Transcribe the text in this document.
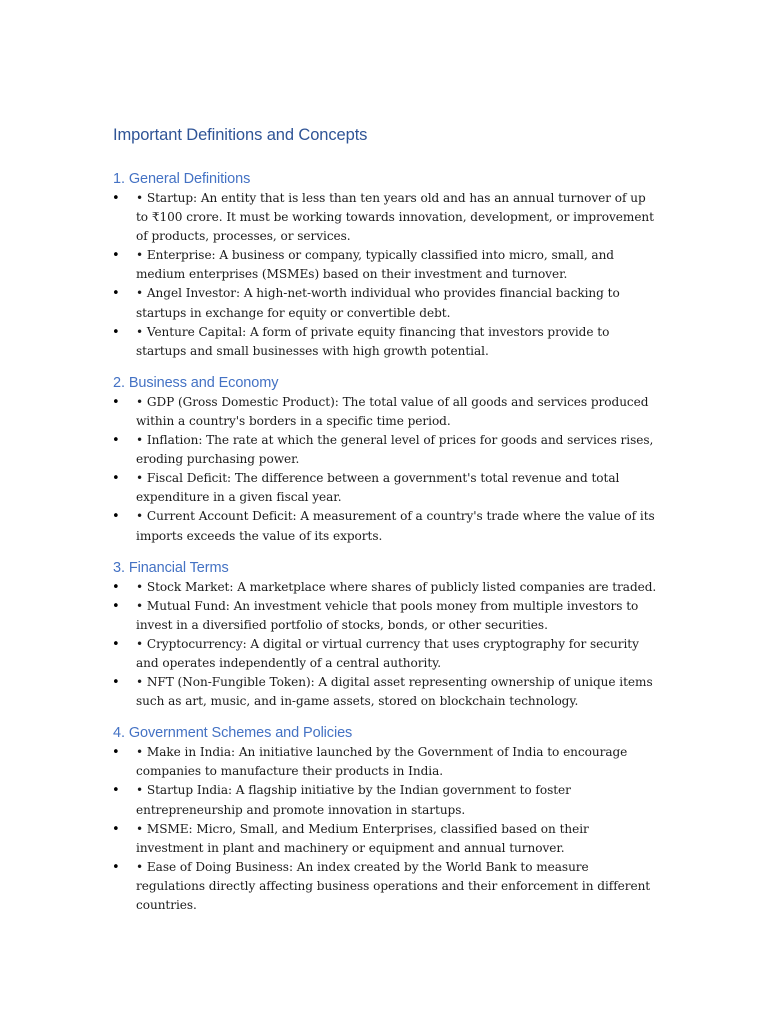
Important Definitions and Concepts
1. General Definitions
• • Startup: An entity that is less than ten years old and has an annual turnover of up to ₹100 crore. It must be working towards innovation, development, or improvement of products, processes, or services.
• • Enterprise: A business or company, typically classified into micro, small, and medium enterprises (MSMEs) based on their investment and turnover.
• • Angel Investor: A high-net-worth individual who provides financial backing to startups in exchange for equity or convertible debt.
• • Venture Capital: A form of private equity financing that investors provide to startups and small businesses with high growth potential.
2. Business and Economy
• • GDP (Gross Domestic Product): The total value of all goods and services produced within a country's borders in a specific time period.
• • Inflation: The rate at which the general level of prices for goods and services rises, eroding purchasing power.
• • Fiscal Deficit: The difference between a government's total revenue and total expenditure in a given fiscal year.
• • Current Account Deficit: A measurement of a country's trade where the value of its imports exceeds the value of its exports.
3. Financial Terms
• • Stock Market: A marketplace where shares of publicly listed companies are traded.
• • Mutual Fund: An investment vehicle that pools money from multiple investors to invest in a diversified portfolio of stocks, bonds, or other securities.
• • Cryptocurrency: A digital or virtual currency that uses cryptography for security and operates independently of a central authority.
• • NFT (Non-Fungible Token): A digital asset representing ownership of unique items such as art, music, and in-game assets, stored on blockchain technology.
4. Government Schemes and Policies
• • Make in India: An initiative launched by the Government of India to encourage companies to manufacture their products in India.
• • Startup India: A flagship initiative by the Indian government to foster entrepreneurship and promote innovation in startups.
• • MSME: Micro, Small, and Medium Enterprises, classified based on their investment in plant and machinery or equipment and annual turnover.
• • Ease of Doing Business: An index created by the World Bank to measure regulations directly affecting business operations and their enforcement in different countries.
